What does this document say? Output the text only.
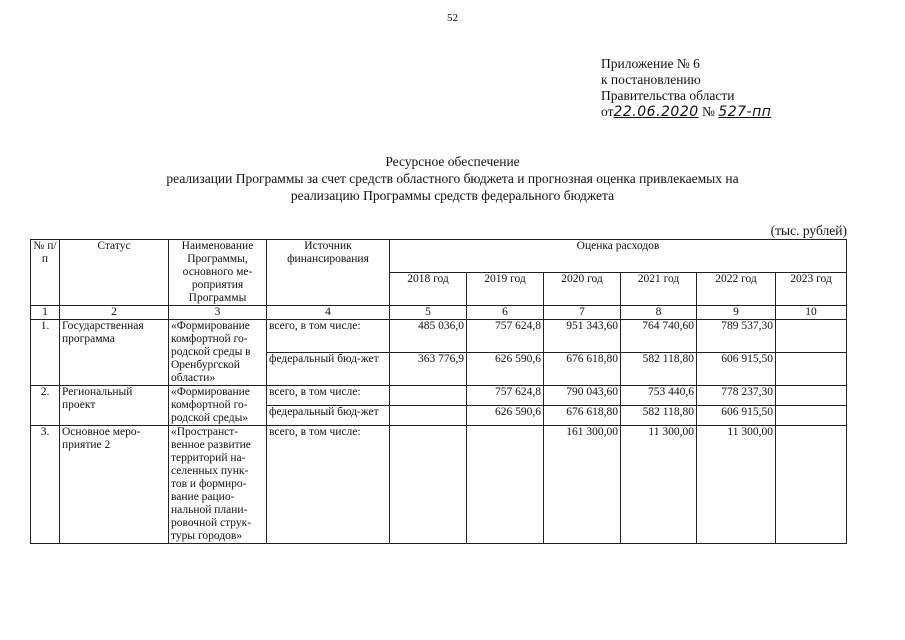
52
Приложение № 6
к постановлению
Правительства области
от22.06.2020 № 527-пп
Ресурсное обеспечение
реализации Программы за счет средств областного бюджета и прогнозная оценка привлекаемых на
реализацию Программы средств федерального бюджета
(тыс. рублей)
№ п/п	Статус	Наименование Программы, основного ме-роприятия Программы	Источник финансирования	Оценка расходов					
				2018 год	2019 год	2020 год	2021 год	2022 год	2023 год
1	2	3	4	5	6	7	8	9	10
1.	Государственная программа	«Формирование комфортной го-родской среды в Оренбургской области»	всего, в том числе:	485 036,0	757 624,8	951 343,60	764 740,60	789 537,30	
			федеральный бюд-жет	363 776,9	626 590,6	676 618,80	582 118,80	606 915,50	
2.	Региональный проект	«Формирование комфортной го-родской среды»	всего, в том числе:		757 624,8	790 043,60	753 440,6	778 237,30	
			федеральный бюд-жет		626 590,6	676 618,80	582 118,80	606 915,50	
3.	Основное меро-приятие 2	«Пространст-венное развитие территорий на-селенных пунк-тов и формиро-вание рацио-нальной плани-ровочной струк-туры городов»	всего, в том числе:			161 300,00	11 300,00	11 300,00	
